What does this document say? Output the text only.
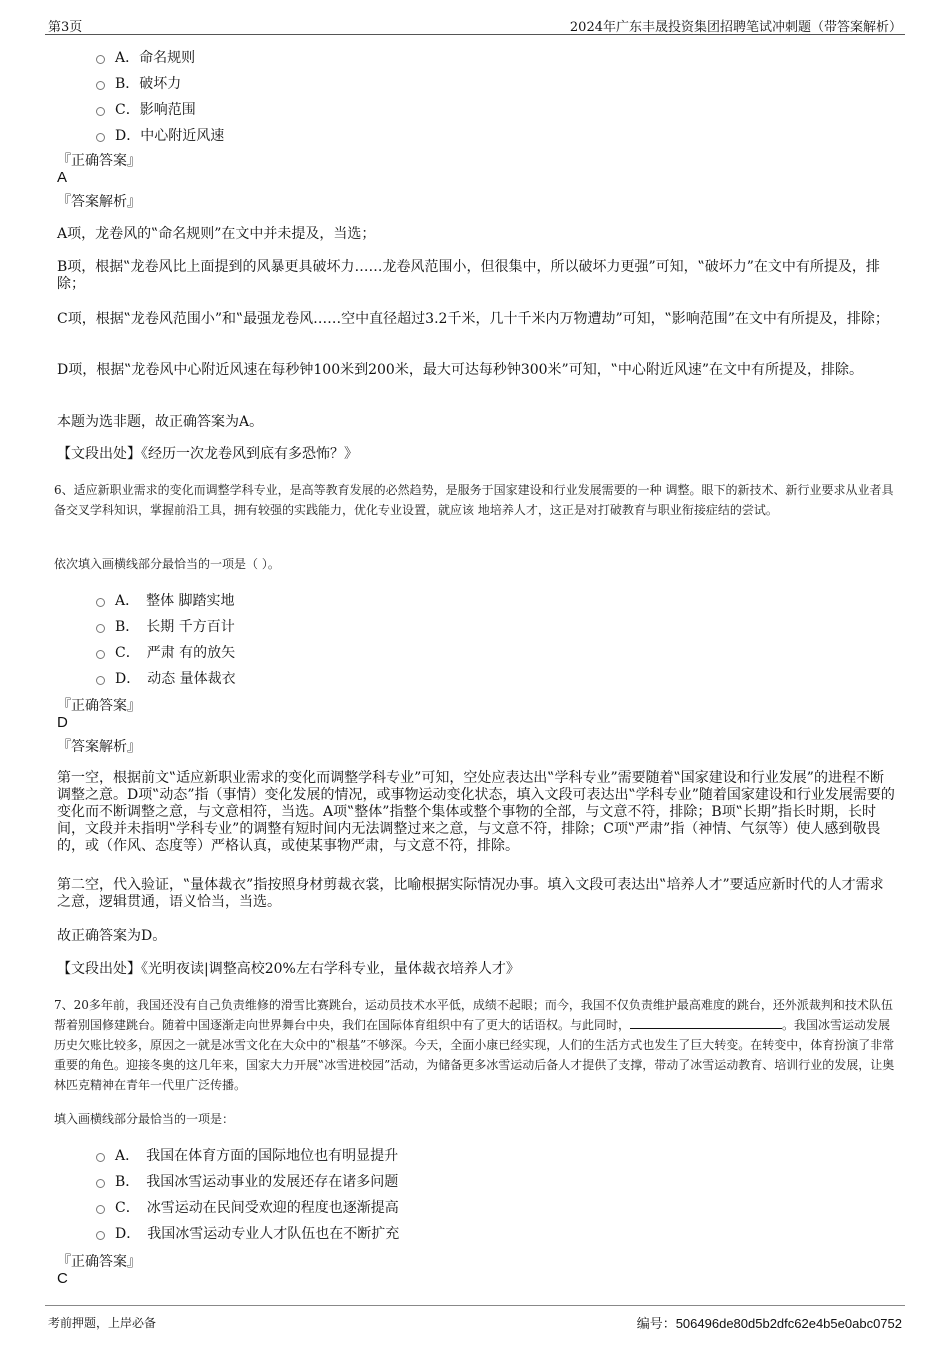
第3页	2024年广东丰晟投资集团招聘笔试冲刺题（带答案解析）
A．命名规则
B．破坏力
C．影响范围
D．中心附近风速
『正确答案』
A
『答案解析』

A项，龙卷风的‟命名规则”在文中并未提及，当选；

B项，根据‟龙卷风比上面提到的风暴更具破坏力……龙卷风范围小，但很集中，所以破坏力更强”可知，‟破坏力”在文中有所提及，排除；

C项，根据‟龙卷风范围小”和‟最强龙卷风……空中直径超过3.2千米，几十千米内万物遭劫”可知，‟影响范围”在文中有所提及，排除；

D项，根据‟龙卷风中心附近风速在每秒钟100米到200米，最大可达每秒钟300米”可知，‟中心附近风速”在文中有所提及，排除。

本题为选非题，故正确答案为A。

【文段出处】《经历一次龙卷风到底有多恐怖？》

6、适应新职业需求的变化而调整学科专业，是高等教育发展的必然趋势，是服务于国家建设和行业发展需要的一种 调整。眼下的新技术、新行业要求从业者具备交叉学科知识，掌握前沿工具，拥有较强的实践能力，优化专业设置，就应该 地培养人才，这正是对打破教育与职业衔接症结的尝试。

依次填入画横线部分最恰当的一项是（ ）。

A．　整体 脚踏实地
B．　长期 千方百计
C．　严肃 有的放矢
D．　动态 量体裁衣
『正确答案』
D
『答案解析』

第一空，根据前文‟适应新职业需求的变化而调整学科专业”可知，空处应表达出‟学科专业”需要随着‟国家建设和行业发展”的进程不断调整之意。D项‟动态”指（事情）变化发展的情况，或事物运动变化状态，填入文段可表达出‟学科专业”随着国家建设和行业发展需要的变化而不断调整之意，与文意相符，当选。A项‟整体”指整个集体或整个事物的全部，与文意不符，排除；B项‟长期”指长时期，长时间，文段并未指明‟学科专业”的调整有短时间内无法调整过来之意，与文意不符，排除；C项‟严肃”指（神情、气氛等）使人感到敬畏的，或（作风、态度等）严格认真，或使某事物严肃，与文意不符，排除。

第二空，代入验证，‟量体裁衣”指按照身材剪裁衣裳，比喻根据实际情况办事。填入文段可表达出‟培养人才”要适应新时代的人才需求之意，逻辑贯通，语义恰当，当选。

故正确答案为D。

【文段出处】《光明夜读|调整高校20%左右学科专业，量体裁衣培养人才》

7、20多年前，我国还没有自己负责维修的滑雪比赛跳台，运动员技术水平低，成绩不起眼；而今，我国不仅负责维护最高难度的跳台，还外派裁判和技术队伍帮着别国修建跳台。随着中国逐渐走向世界舞台中央，我们在国际体育组织中有了更大的话语权。与此同时，	。我国冰雪运动发展历史欠账比较多，原因之一就是冰雪文化在大众中的‟根基”不够深。今天，全面小康已经实现，人们的生活方式也发生了巨大转变。在转变中，体育扮演了非常重要的角色。迎接冬奥的这几年来，国家大力开展‟冰雪进校园”活动，为储备更多冰雪运动后备人才提供了支撑，带动了冰雪运动教育、培训行业的发展，让奥林匹克精神在青年一代里广泛传播。

填入画横线部分最恰当的一项是：

A．　我国在体育方面的国际地位也有明显提升
B．　我国冰雪运动事业的发展还存在诸多问题
C．　冰雪运动在民间受欢迎的程度也逐渐提高
D．　我国冰雪运动专业人才队伍也在不断扩充
『正确答案』
C
考前押题，上岸必备	编号：506496de80d5b2dfc62e4b5e0abc0752
